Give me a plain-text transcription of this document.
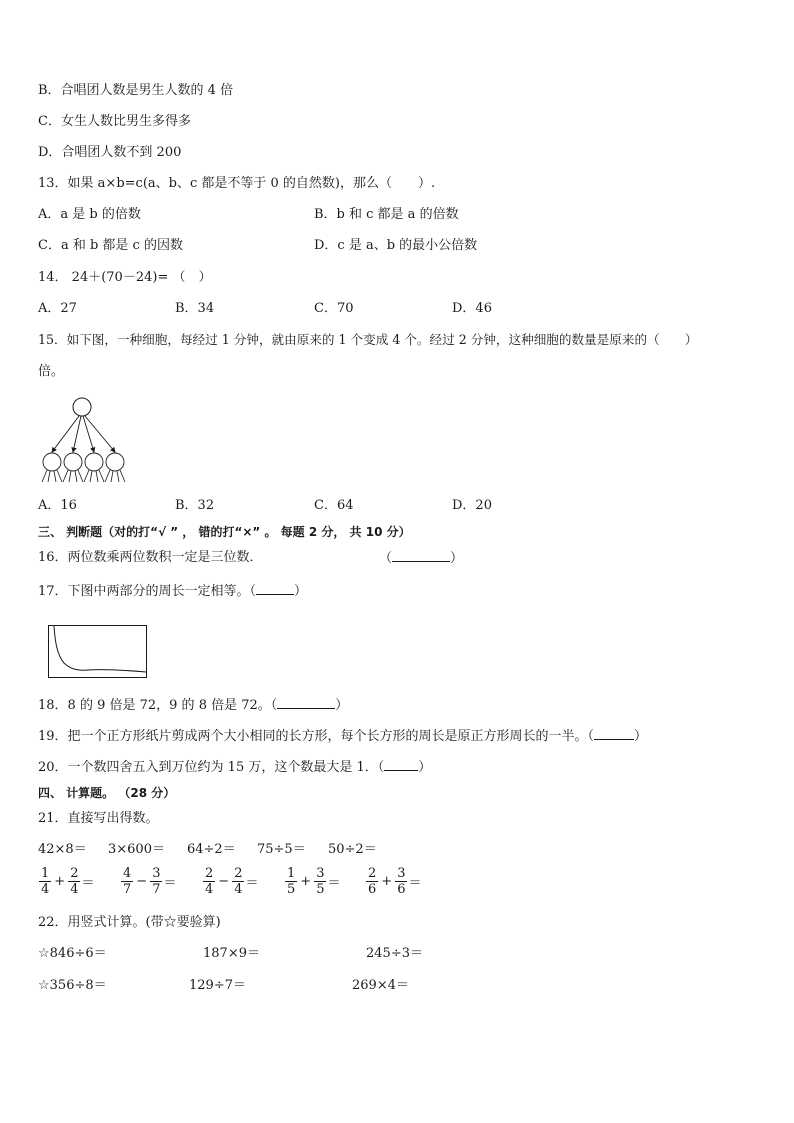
B．合唱团人数是男生人数的 4 倍
C．女生人数比男生多得多
D．合唱团人数不到 200
13．如果 a×b=c(a、b、c 都是不等于 0 的自然数)，那么（　　）.
A．a 是 b 的倍数	B．b 和 c 都是 a 的倍数
C．a 和 b 都是 c 的因数	D．c 是 a、b 的最小公倍数
14． 24＋(70－24)= （　）
A．27	B．34	C．70	D．46
15．如下图，一种细胞，每经过 1 分钟，就由原来的 1 个变成 4 个。经过 2 分钟，这种细胞的数量是原来的（　　）
倍。
A．16	B．32	C．64	D．20
三、 判断题（对的打“√ ” ， 错的打“×” 。 每题 2 分， 共 10 分）
16．两位数乘两位数积一定是三位数．	（	）
17．下图中两部分的周长一定相等。（	）
18．8 的 9 倍是 72，9 的 8 倍是 72。（	）
19．把一个正方形纸片剪成两个大小相同的长方形，每个长方形的周长是原正方形周长的一半。（	）
20．一个数四舍五入到万位约为 15 万，这个数最大是 1．（	）
四、 计算题。 （28 分）
21．直接写出得数。
42×8＝ 3×600＝ 64÷2＝ 75÷5＝ 50÷2＝
$\frac{1}{4} + \frac{2}{4} = \frac{4}{7} - \frac{3}{7} = \frac{2}{4} - \frac{2}{4} = \frac{1}{5} + \frac{3}{5} = \frac{2}{6} + \frac{3}{6}$ ＝
22．用竖式计算。(带☆要验算)
☆846÷6＝	187×9＝	245÷3＝
☆356÷8＝	129÷7＝	269×4＝
